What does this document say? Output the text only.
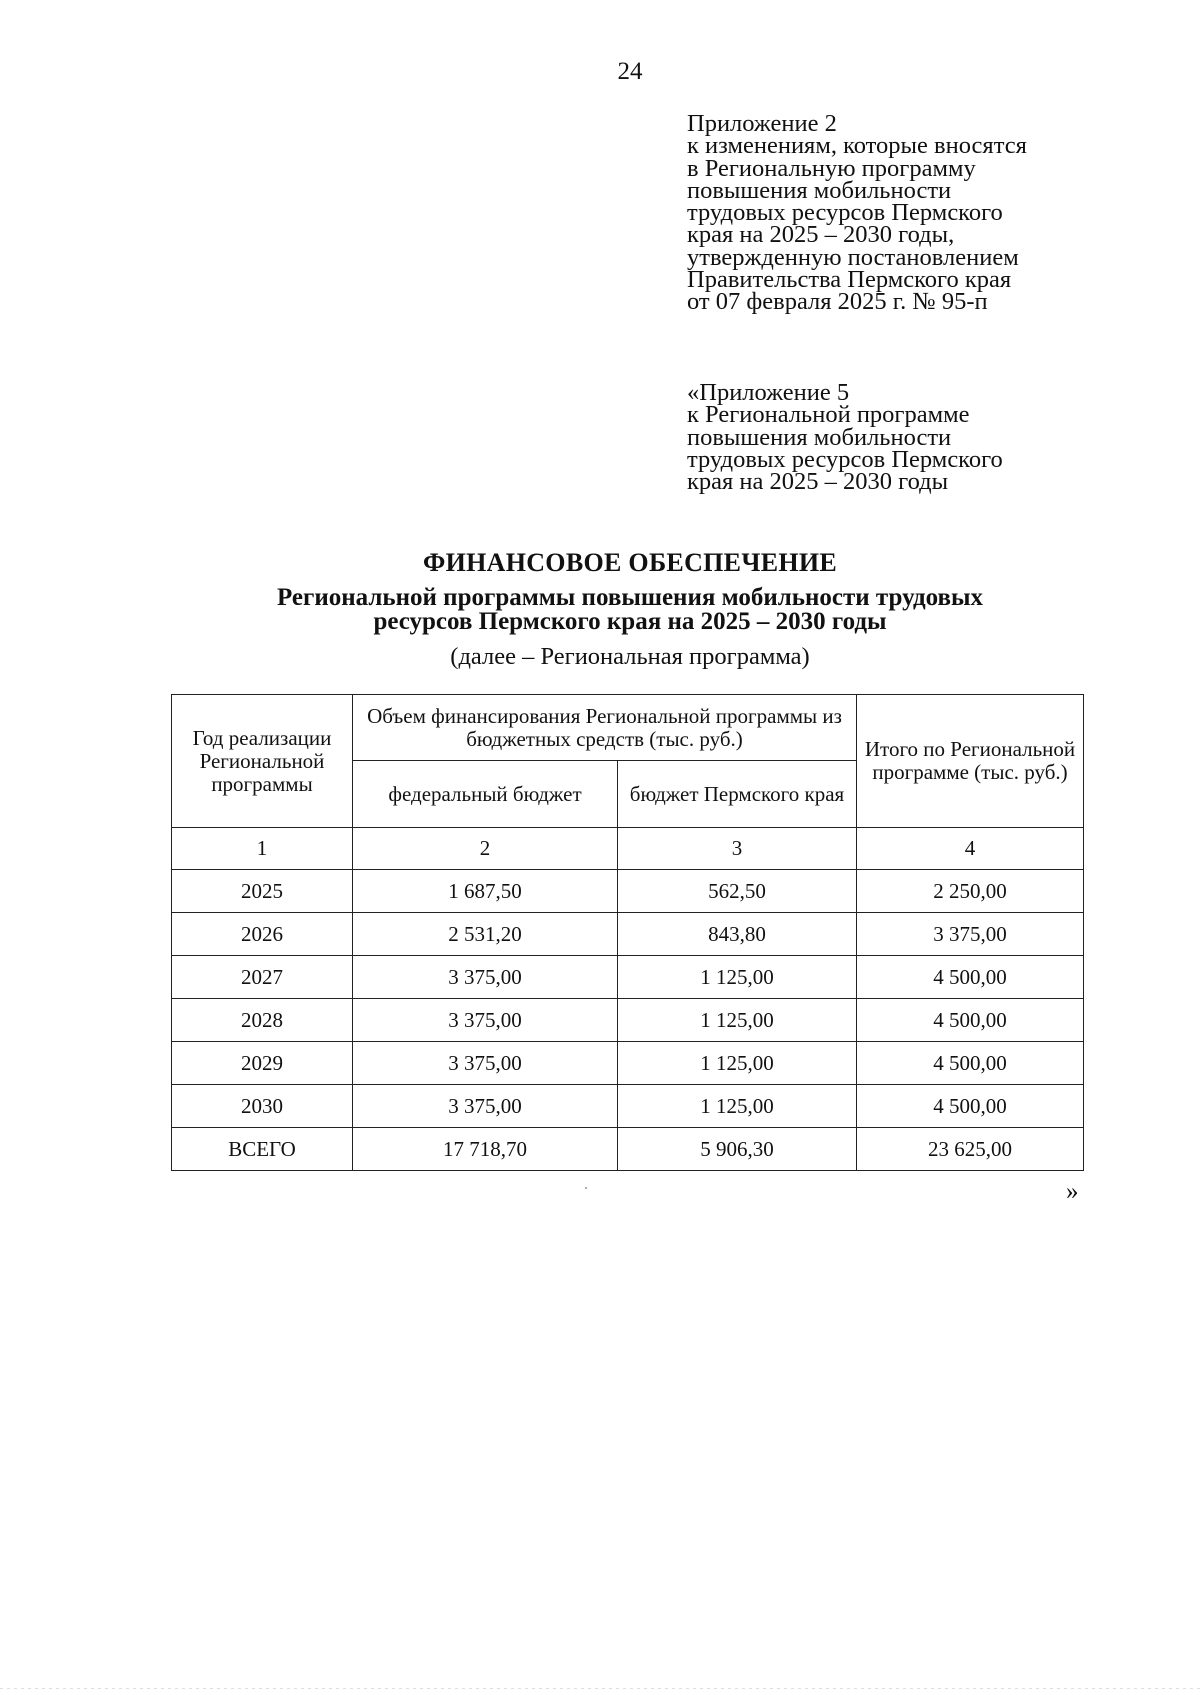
24
Приложение 2
к изменениям, которые вносятся
в Региональную программу
повышения мобильности
трудовых ресурсов Пермского
края на 2025 – 2030 годы,
утвержденную постановлением
Правительства Пермского края
от 07 февраля 2025 г. № 95-п
«Приложение 5
к Региональной программе
повышения мобильности
трудовых ресурсов Пермского
края на 2025 – 2030 годы
ФИНАНСОВОЕ ОБЕСПЕЧЕНИЕ
Региональной программы повышения мобильности трудовых
ресурсов Пермского края на 2025 – 2030 годы
(далее – Региональная программа)
Год реализации Региональной программы	Объем финансирования Региональной программы из бюджетных средств (тыс. руб.)		Итого по Региональной программе (тыс. руб.)
	федеральный бюджет	бюджет Пермского края	
1	2	3	4
2025	1 687,50	562,50	2 250,00
2026	2 531,20	843,80	3 375,00
2027	3 375,00	1 125,00	4 500,00
2028	3 375,00	1 125,00	4 500,00
2029	3 375,00	1 125,00	4 500,00
2030	3 375,00	1 125,00	4 500,00
ВСЕГО	17 718,70	5 906,30	23 625,00
»
